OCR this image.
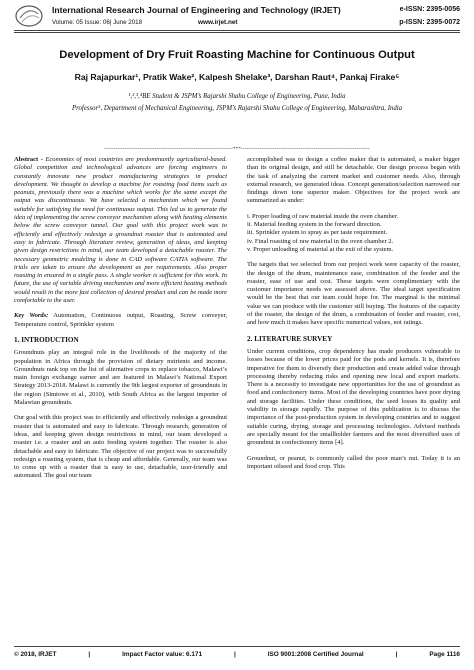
International Research Journal of Engineering and Technology (IRJET)	e-ISSN: 2395-0056
Volume: 05 Issue: 06| June 2018	www.irjet.net	p-ISSN: 2395-0072
Development of Dry Fruit Roasting Machine for Continuous Output
Raj Rajapurkar¹, Pratik Wake², Kalpesh Shelake³, Darshan Raut⁴, Pankaj Firake⁵
¹,²,³,⁴BE Student & JSPM’s Rajarshi Shahu College of Engineering, Pune, India
Professor⁵, Department of Mechanical Engineering, JSPM’s Rajarshi Shahu College of Engineering, Maharashtra, India
---------------------------------------------------------------------***---------------------------------------------------------------------

Abstract - Economies of most countries are predominantly agricultural-based. Global competition and technological advances are forcing engineers to constantly innovate new product manufacturing strategies in product development. We thought to develop a machine for roasting food items such as peanuts, previously there was a machine which works for the same except the output was discontinuous. We have selected a mechanism which we found suitable for satisfying the need for continuous output. This led us to generate the idea of implementing the screw conveyor mechanism along with heating elements below the screw conveyor tunnel. Our goal with this project work was to efficiently and effectively redesign a groundnut roaster that is automated and easy to fabricate. Through literature review, generation of ideas, and keeping given design restrictions in mind, our team developed a detachable roaster. The necessary geometric modeling is done in CAD software CATIA software. The trials are taken to ensure the development as per requirements. Also proper roasting in ensured in a single pass. A single worker is sufficient for this work. In future, the use of variable driving mechanism and more efficient heating methods would result in the more fast collection of desired product and can be made more comfortable to the user.

Key Words: Automation, Continuous output, Roasting, Screw conveyer, Temperature control, Sprinkler system

1. INTRODUCTION

Groundnuts play an integral role in the livelihoods of the majority of the population in Africa through the provision of dietary nutrients and income. Groundnuts rank top on the list of alternative crops to replace tobacco, Malawi’s main foreign exchange earner and are featured in Malawi’s National Export Strategy 2013-2018. Malawi is currently the 9th largest exporter of groundnuts in the region (Simtowe et al., 2010), with South Africa as the largest importer of Malawian groundnuts.

Our goal with this project was to efficiently and effectively redesign a groundnut roaster that is automated and easy to fabricate. Through research, generation of ideas, and keeping given design restrictions in mind, our team developed a roaster i.e. a roaster and an auto feeding system together. The roaster is also detachable and easy to fabricate. The objective of our project was to successfully redesign a roasting system, that is cheap and affordable. Generally, our team was to come up with a roaster that is easy to use, detachable, user-friendly and automated. The goal our team

accomplished was to design a coffee maker that is automated, a maker bigger than its original design, and still be detachable. Our design process began with the task of analyzing the current market and customer needs. Also, through external research, we generated ideas. Concept generation/selection narrowed our findings down tone superior maker. Objectives for the project work are summarized as under:

i. Proper loading of raw material inside the oven chamber.
ii. Material feeding system in the forward direction.
iii. Sprinkler system to spray as per taste requirement.
iv. Final roasting of raw material in the oven chamber 2.
v. Proper unloading of material at the exit of the system.

The targets that we selected from our project work were capacity of the roaster, the design of the drum, maintenance ease, combination of the feeder and the roaster, ease of use and cost. These targets were complimentary with the customer importance needs we assessed above. The ideal target specification would be the best that our team could hope for. The marginal is the minimal value we can produce with the customer still buying. The features of the capacity of the roaster, the design of the drum, a combination of feeder and roaster, cost, and how much it makes have specific numerical values, not ratings.

2. LITERATURE SURVEY

Under current conditions, crop dependency has made producers vulnerable to losses because of the lower prices paid for the pods and kernels. It is, therefore imperative for them to diversify their production and create added value through processing thereby reducing risks and opening new local and export markets. There is a necessity to investigate new opportunities for the use of groundnut as food and confectionery items. Most of the developing countries have poor drying and storage facilities. Under these conditions, the seed losses its quality and viability in storage rapidly. The purpose of this publication is to discuss the importance of the post-production system in developing countries and to suggest suitable curing, drying, storage and processing technologies. Advised methods are specially meant for the smallholder farmers and the most diversified uses of groundnut in confectionery items [4].

Groundnut, or peanut, is commonly called the poor man’s nut. Today it is an important oilseed and food crop. This

© 2018, IRJET	|	Impact Factor value: 6.171	|	ISO 9001:2008 Certified Journal	|	Page 1116
